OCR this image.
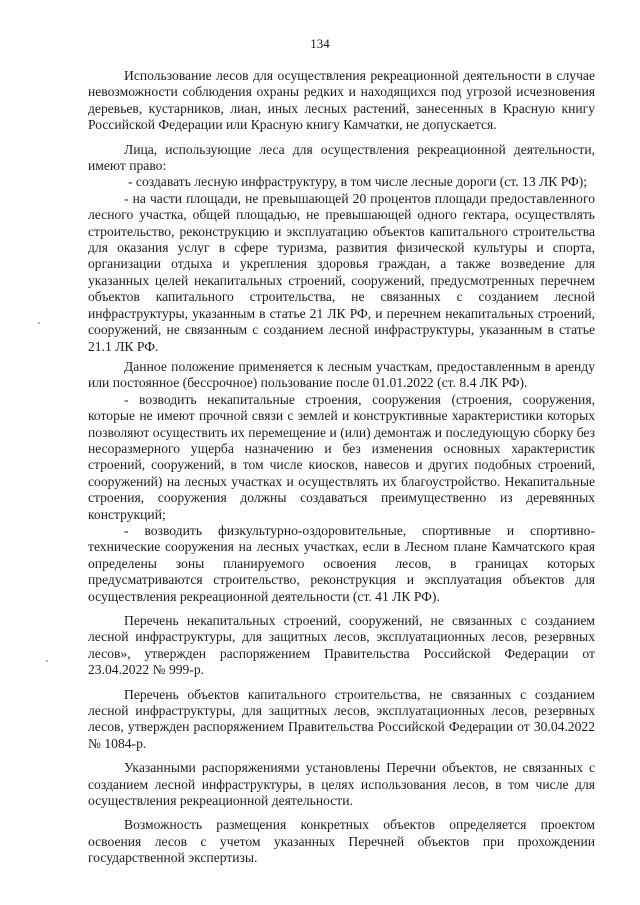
134

Использование лесов для осуществления рекреационной деятельности в случае невозможности соблюдения охраны редких и находящихся под угрозой исчезновения деревьев, кустарников, лиан, иных лесных растений, занесенных в Красную книгу Российской Федерации или Красную книгу Камчатки, не допускается.

Лица, использующие леса для осуществления рекреационной деятельности, имеют право:

- создавать лесную инфраструктуру, в том числе лесные дороги (ст. 13 ЛК РФ);

- на части площади, не превышающей 20 процентов площади предоставленного лесного участка, общей площадью, не превышающей одного гектара, осуществлять строительство, реконструкцию и эксплуатацию объектов капитального строительства для оказания услуг в сфере туризма, развития физической культуры и спорта, организации отдыха и укрепления здоровья граждан, а также возведение для указанных целей некапитальных строений, сооружений, предусмотренных перечнем объектов капитального строительства, не связанных с созданием лесной инфраструктуры, указанным в статье 21 ЛК РФ, и перечнем некапитальных строений, сооружений, не связанным с созданием лесной инфраструктуры, указанным в статье 21.1 ЛК РФ.

Данное положение применяется к лесным участкам, предоставленным в аренду или постоянное (бессрочное) пользование после 01.01.2022 (ст. 8.4 ЛК РФ).

- возводить некапитальные строения, сооружения (строения, сооружения, которые не имеют прочной связи с землей и конструктивные характеристики которых позволяют осуществить их перемещение и (или) демонтаж и последующую сборку без несоразмерного ущерба назначению и без изменения основных характеристик строений, сооружений, в том числе киосков, навесов и других подобных строений, сооружений) на лесных участках и осуществлять их благоустройство. Некапитальные строения, сооружения должны создаваться преимущественно из деревянных конструкций;

- возводить физкультурно-оздоровительные, спортивные и спортивно-технические сооружения на лесных участках, если в Лесном плане Камчатского края определены зоны планируемого освоения лесов, в границах которых предусматриваются строительство, реконструкция и эксплуатация объектов для осуществления рекреационной деятельности (ст. 41 ЛК РФ).

Перечень некапитальных строений, сооружений, не связанных с созданием лесной инфраструктуры, для защитных лесов, эксплуатационных лесов, резервных лесов», утвержден распоряжением Правительства Российской Федерации от 23.04.2022 № 999-р.

Перечень объектов капитального строительства, не связанных с созданием лесной инфраструктуры, для защитных лесов, эксплуатационных лесов, резервных лесов, утвержден распоряжением Правительства Российской Федерации от 30.04.2022 № 1084-р.

Указанными распоряжениями установлены Перечни объектов, не связанных с созданием лесной инфраструктуры, в целях использования лесов, в том числе для осуществления рекреационной деятельности.

Возможность размещения конкретных объектов определяется проектом освоения лесов с учетом указанных Перечней объектов при прохождении государственной экспертизы.
